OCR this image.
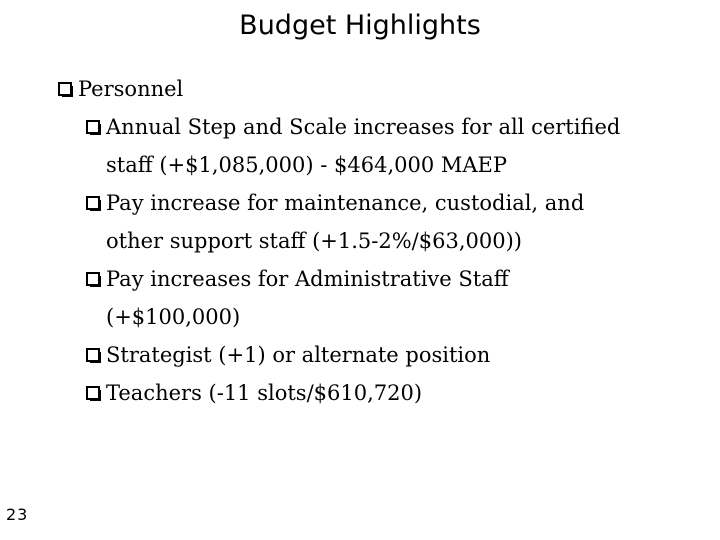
Budget Highlights
Personnel
Annual Step and Scale increases for all certified
staff (+$1,085,000) - $464,000 MAEP
Pay increase for maintenance, custodial, and
other support staff (+1.5-2%/$63,000))
Pay increases for Administrative Staff
(+$100,000)
Strategist (+1) or alternate position
Teachers (-11 slots/$610,720)
23
